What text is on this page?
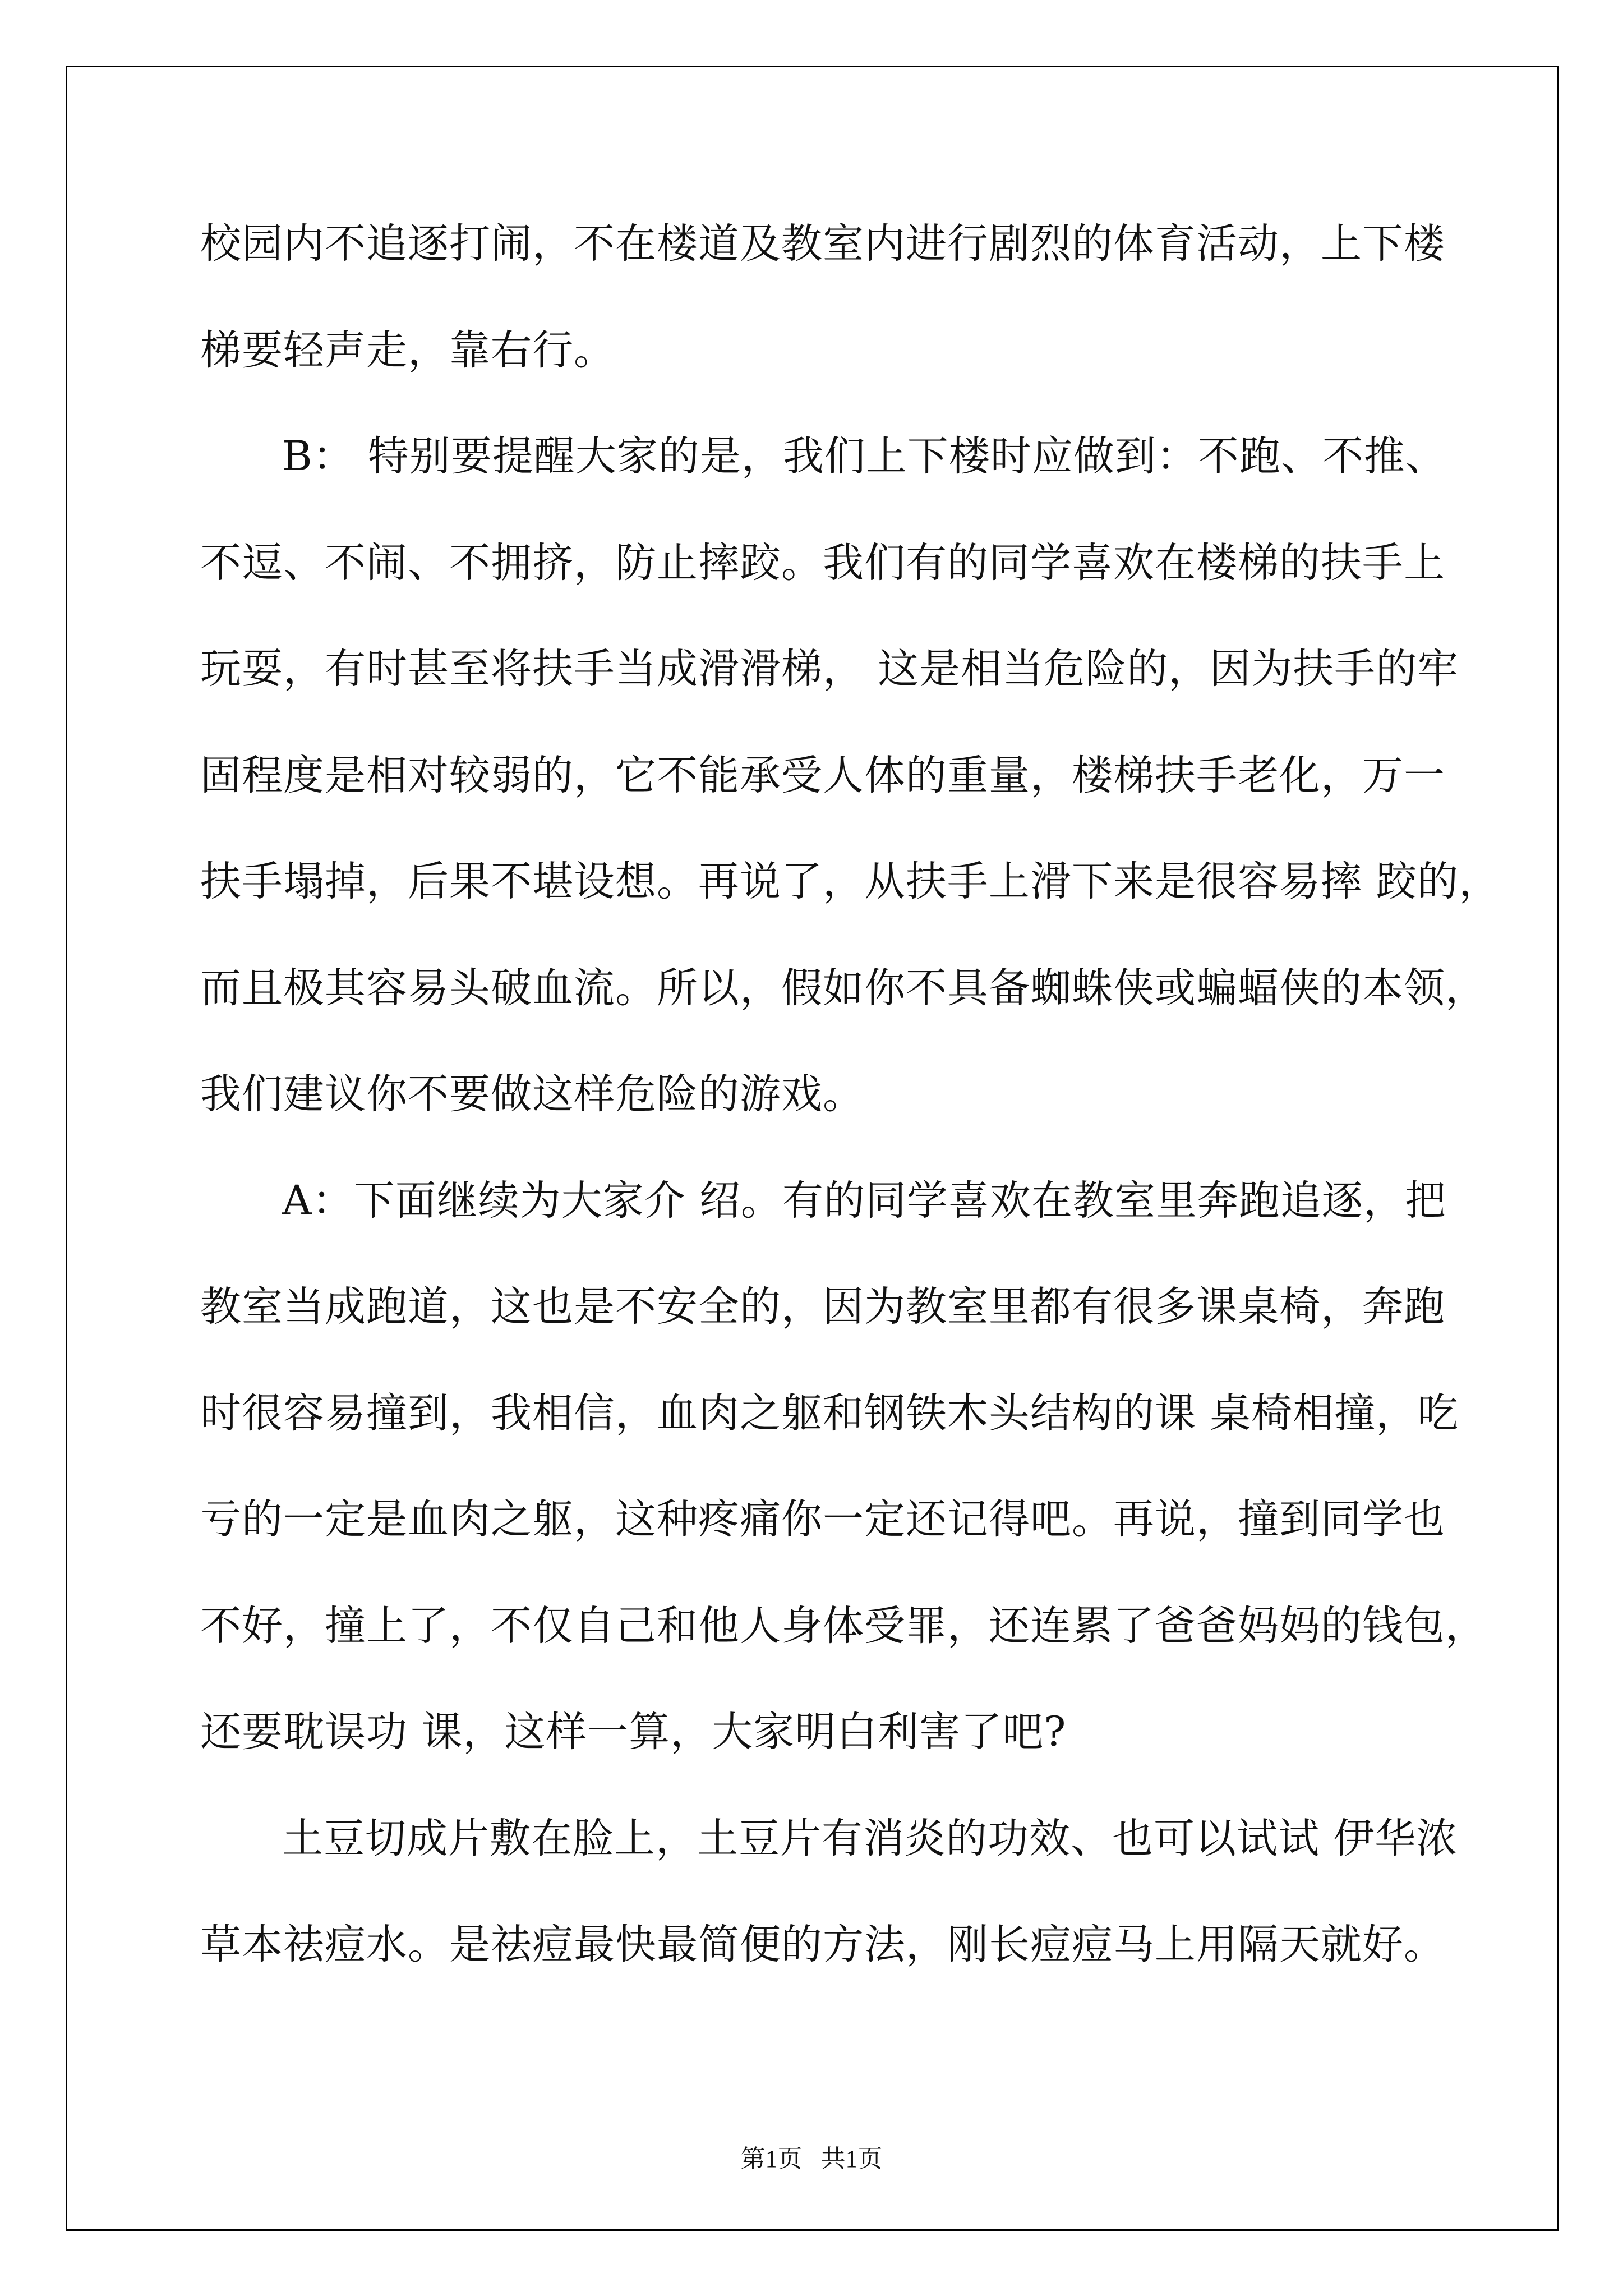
校园内不追逐打闹，不在楼道及教室内进行剧烈的体育活动，上下楼
梯要轻声走，靠右行。
B： 特别要提醒大家的是，我们上下楼时应做到：不跑、不推、
不逗、不闹、不拥挤，防止摔跤。我们有的同学喜欢在楼梯的扶手上
玩耍，有时甚至将扶手当成滑滑梯， 这是相当危险的，因为扶手的牢
固程度是相对较弱的，它不能承受人体的重量，楼梯扶手老化，万一
扶手塌掉，后果不堪设想。再说了，从扶手上滑下来是很容易摔 跤的，
而且极其容易头破血流。所以，假如你不具备蜘蛛侠或蝙蝠侠的本领，
我们建议你不要做这样危险的游戏。
A：下面继续为大家介 绍。有的同学喜欢在教室里奔跑追逐，把
教室当成跑道，这也是不安全的，因为教室里都有很多课桌椅，奔跑
时很容易撞到，我相信，血肉之躯和钢铁木头结构的课 桌椅相撞，吃
亏的一定是血肉之躯，这种疼痛你一定还记得吧。再说，撞到同学也
不好，撞上了，不仅自己和他人身体受罪，还连累了爸爸妈妈的钱包，
还要耽误功 课，这样一算，大家明白利害了吧?
土豆切成片敷在脸上，土豆片有消炎的功效、也可以试试 伊华浓
草本祛痘水。是祛痘最快最简便的方法，刚长痘痘马上用隔天就好。
第1页 共1页
